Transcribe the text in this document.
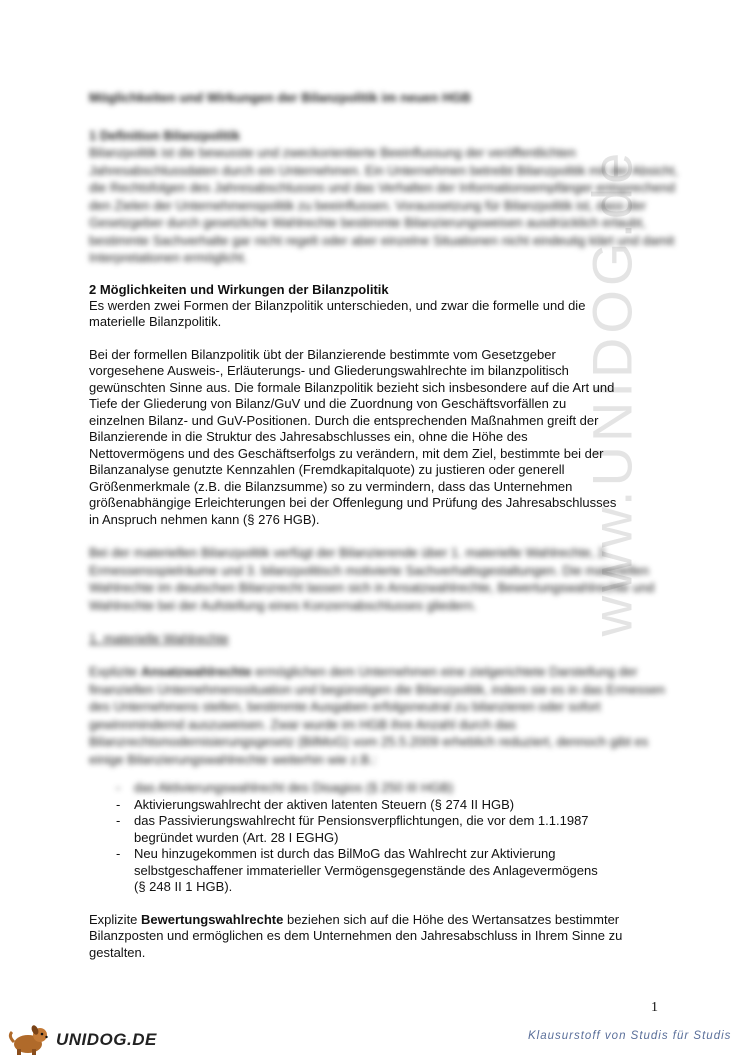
www.UNIDOG.de
Möglichkeiten und Wirkungen der Bilanzpolitik im neuen HGB
1 Definition Bilanzpolitik

Bilanzpolitik ist die bewusste und zweckorientierte Beeinflussung der veröffentlichten Jahresabschlussdaten durch ein Unternehmen. Ein Unternehmen betreibt Bilanzpolitik mit der Absicht, die Rechtsfolgen des Jahresabschlusses und das Verhalten der Informationsempfänger entsprechend den Zielen der Unternehmenspolitik zu beeinflussen. Voraussetzung für Bilanzpolitik ist, dass der Gesetzgeber durch gesetzliche Wahlrechte bestimmte Bilanzierungsweisen ausdrücklich erlaubt, bestimmte Sachverhalte gar nicht regelt oder aber einzelne Situationen nicht eindeutig klärt und damit Interpretationen ermöglicht.

2 Möglichkeiten und Wirkungen der Bilanzpolitik

Es werden zwei Formen der Bilanzpolitik unterschieden, und zwar die formelle und die

materielle Bilanzpolitik.

Bei der formellen Bilanzpolitik übt der Bilanzierende bestimmte vom Gesetzgeber

vorgesehene Ausweis-, Erläuterungs- und Gliederungswahlrechte im bilanzpolitisch

gewünschten Sinne aus. Die formale Bilanzpolitik bezieht sich insbesondere auf die Art und

Tiefe der Gliederung von Bilanz/GuV und die Zuordnung von Geschäftsvorfällen zu

einzelnen Bilanz- und GuV-Positionen. Durch die entsprechenden Maßnahmen greift der

Bilanzierende in die Struktur des Jahresabschlusses ein, ohne die Höhe des

Nettovermögens und des Geschäftserfolgs zu verändern, mit dem Ziel, bestimmte bei der

Bilanzanalyse genutzte Kennzahlen (Fremdkapitalquote) zu justieren oder generell

Größenmerkmale (z.B. die Bilanzsumme) so zu vermindern, dass das Unternehmen

größenabhängige Erleichterungen bei der Offenlegung und Prüfung des Jahresabschlusses

in Anspruch nehmen kann (§ 276 HGB).

Bei der materiellen Bilanzpolitik verfügt der Bilanzierende über 1. materielle Wahlrechte, 2. Ermessensspielräume und 3. bilanzpolitisch motivierte Sachverhaltsgestaltungen. Die materiellen Wahlrechte im deutschen Bilanzrecht lassen sich in Ansatzwahlrechte, Bewertungswahlrechte und Wahlrechte bei der Aufstellung eines Konzernabschlusses gliedern.

1. materielle Wahlrechte

Explizite Ansatzwahlrechte ermöglichen dem Unternehmen eine zielgerichtete Darstellung der finanziellen Unternehmenssituation und begünstigen die Bilanzpolitik, indem sie es in das Ermessen des Unternehmens stellen, bestimmte Ausgaben erfolgsneutral zu bilanzieren oder sofort gewinnmindernd auszuweisen. Zwar wurde im HGB ihre Anzahl durch das Bilanzrechtsmodernisierungsgesetz (BilMoG) vom 25.5.2009 erheblich reduziert, dennoch gibt es einige Bilanzierungswahlrechte weiterhin wie z.B.:

- das Aktivierungswahlrecht des Disagios (§ 250 III HGB)
- Aktivierungswahlrecht der aktiven latenten Steuern (§ 274 II HGB)
- das Passivierungswahlrecht für Pensionsverpflichtungen, die vor dem 1.1.1987
begründet wurden (Art. 28 I EGHG)
- Neu hinzugekommen ist durch das BilMoG das Wahlrecht zur Aktivierung
selbstgeschaffener immaterieller Vermögensgegenstände des Anlagevermögens
(§ 248 II 1 HGB).

Explizite Bewertungswahlrechte beziehen sich auf die Höhe des Wertansatzes bestimmter

Bilanzposten und ermöglichen es dem Unternehmen den Jahresabschluss in Ihrem Sinne zu

gestalten.

1
UNIDOG.DE	Klausurstoff von Studis für Studis
